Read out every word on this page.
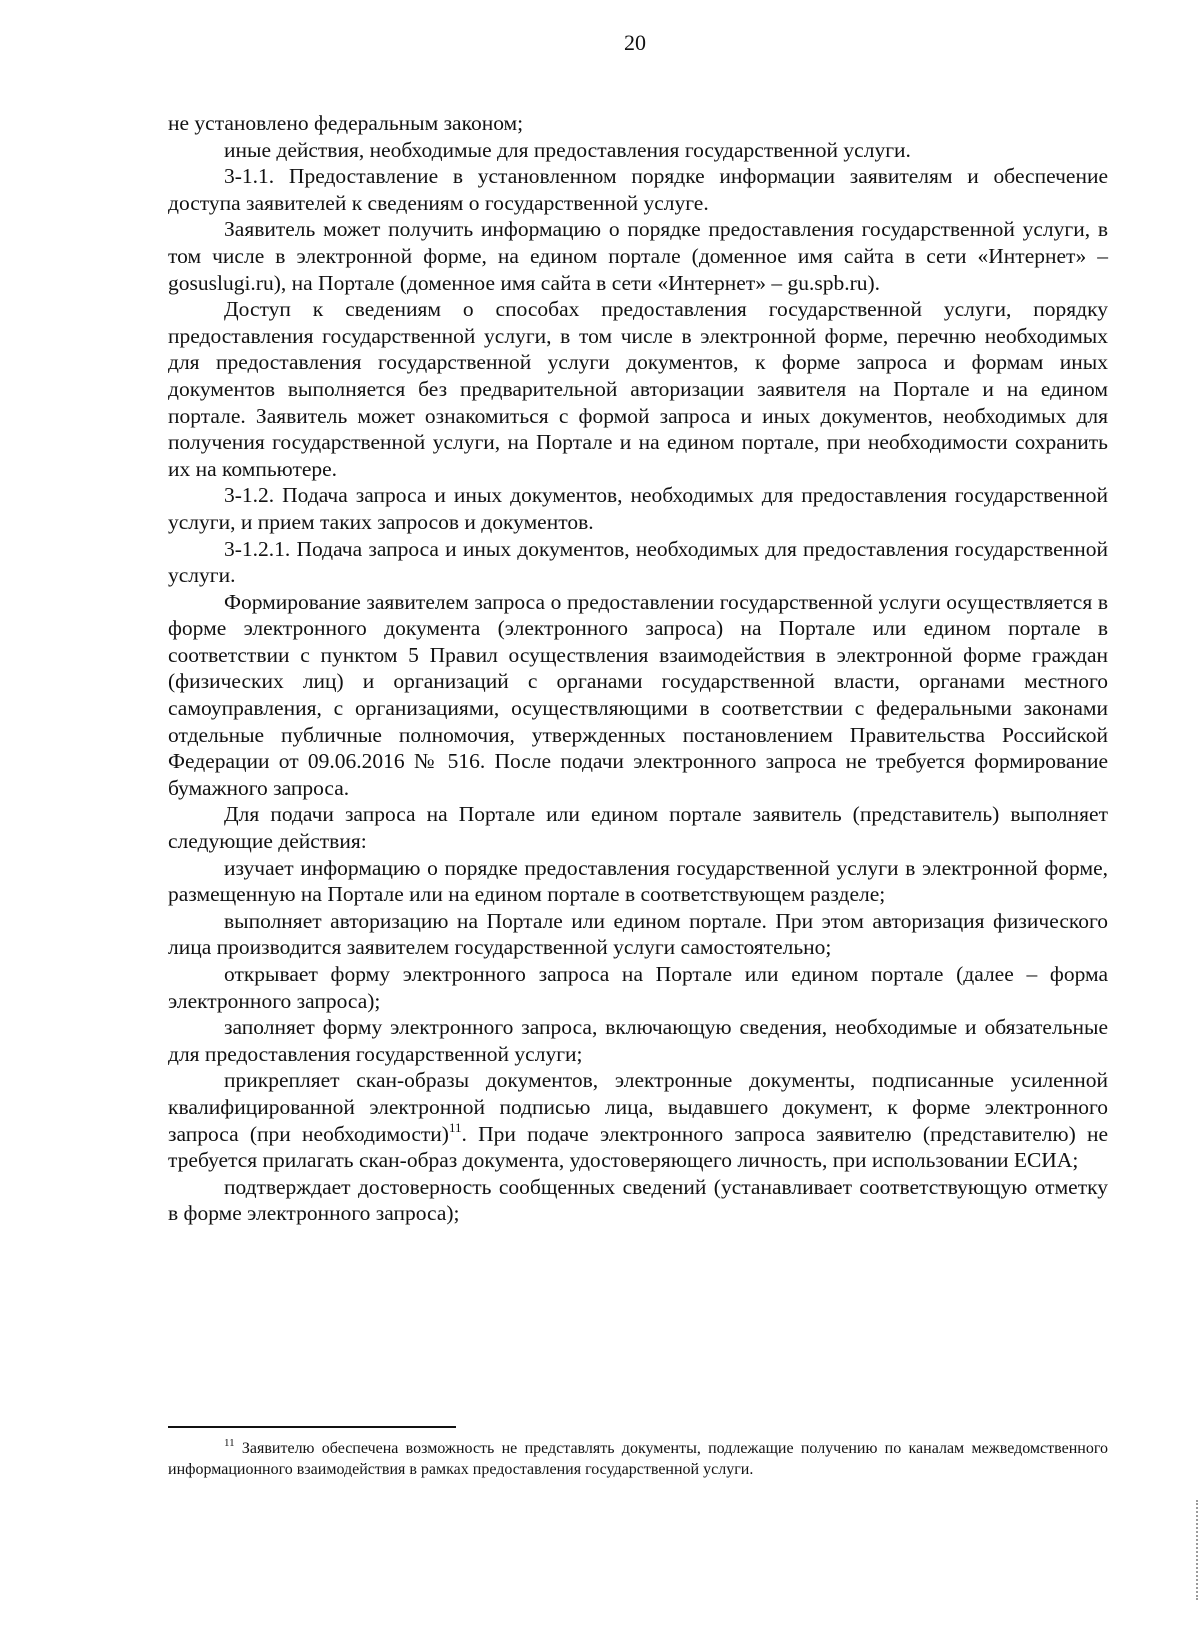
20

не установлено федеральным законом;

иные действия, необходимые для предоставления государственной услуги.

3-1.1. Предоставление в установленном порядке информации заявителям и обеспечение доступа заявителей к сведениям о государственной услуге.

Заявитель может получить информацию о порядке предоставления государственной услуги, в том числе в электронной форме, на едином портале (доменное имя сайта в сети «Интернет» – gosuslugi.ru), на Портале (доменное имя сайта в сети «Интернет» – gu.spb.ru).

Доступ к сведениям о способах предоставления государственной услуги, порядку предоставления государственной услуги, в том числе в электронной форме, перечню необходимых для предоставления государственной услуги документов, к форме запроса и формам иных документов выполняется без предварительной авторизации заявителя на Портале и на едином портале. Заявитель может ознакомиться с формой запроса и иных документов, необходимых для получения государственной услуги, на Портале и на едином портале, при необходимости сохранить их на компьютере.

3-1.2. Подача запроса и иных документов, необходимых для предоставления государственной услуги, и прием таких запросов и документов.

3-1.2.1. Подача запроса и иных документов, необходимых для предоставления государственной услуги.

Формирование заявителем запроса о предоставлении государственной услуги осуществляется в форме электронного документа (электронного запроса) на Портале или едином портале в соответствии с пунктом 5 Правил осуществления взаимодействия в электронной форме граждан (физических лиц) и организаций с органами государственной власти, органами местного самоуправления, с организациями, осуществляющими в соответствии с федеральными законами отдельные публичные полномочия, утвержденных постановлением Правительства Российской Федерации от 09.06.2016 № 516. После подачи электронного запроса не требуется формирование бумажного запроса.

Для подачи запроса на Портале или едином портале заявитель (представитель) выполняет следующие действия:

изучает информацию о порядке предоставления государственной услуги в электронной форме, размещенную на Портале или на едином портале в соответствующем разделе;

выполняет авторизацию на Портале или едином портале. При этом авторизация физического лица производится заявителем государственной услуги самостоятельно;

открывает форму электронного запроса на Портале или едином портале (далее – форма электронного запроса);

заполняет форму электронного запроса, включающую сведения, необходимые и обязательные для предоставления государственной услуги;

прикрепляет скан-образы документов, электронные документы, подписанные усиленной квалифицированной электронной подписью лица, выдавшего документ, к форме электронного запроса (при необходимости)$^{11}$. При подаче электронного запроса заявителю (представителю) не требуется прилагать скан-образ документа, удостоверяющего личность, при использовании ЕСИА;

подтверждает достоверность сообщенных сведений (устанавливает соответствующую отметку в форме электронного запроса);

$^{11}$ Заявителю обеспечена возможность не представлять документы, подлежащие получению по каналам межведомственного информационного взаимодействия в рамках предоставления государственной услуги.
